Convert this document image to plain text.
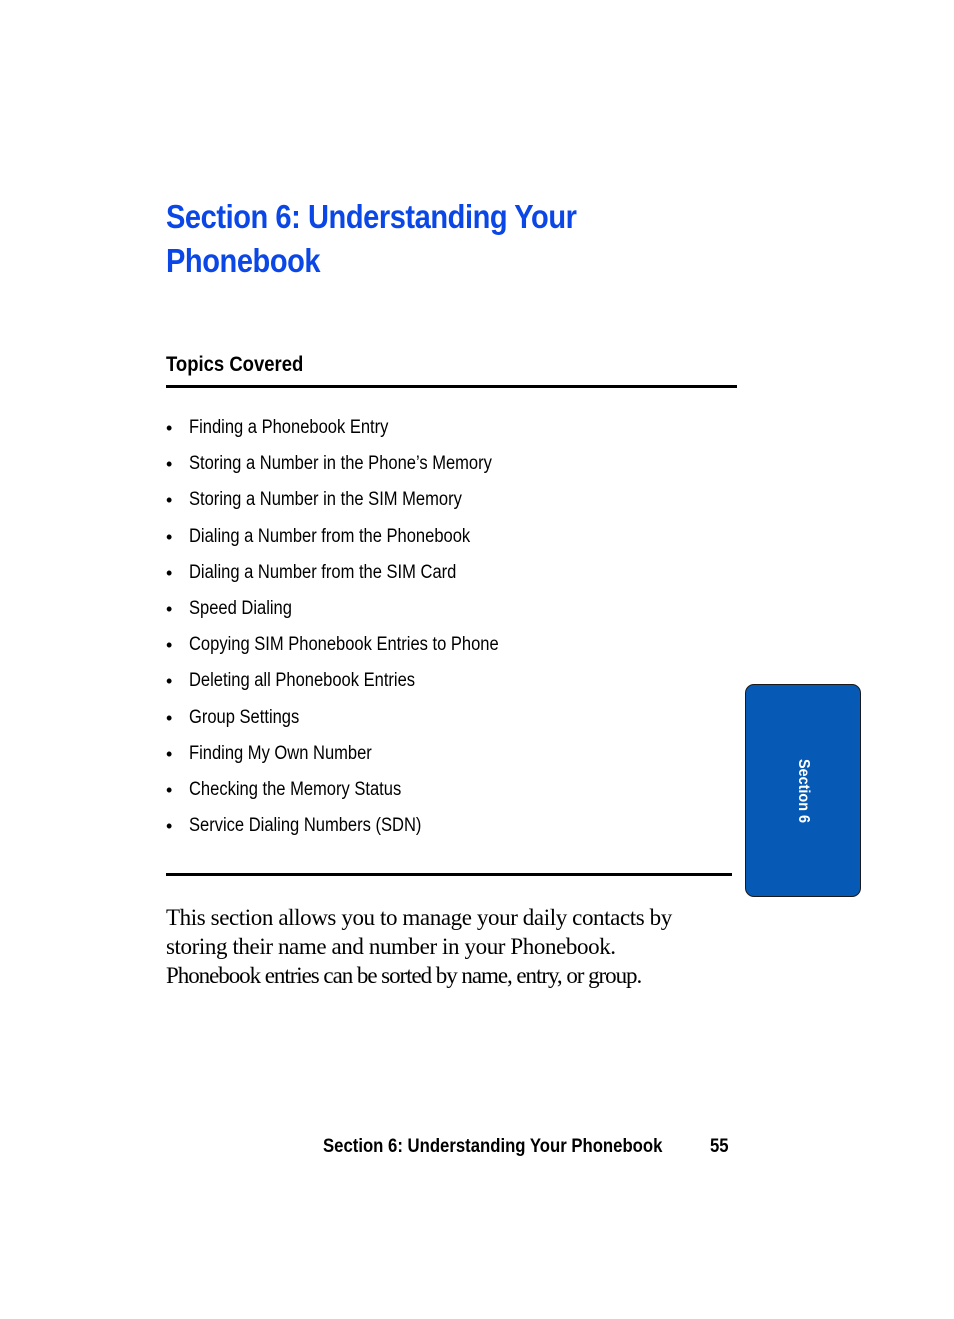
Section 6: Understanding Your
Phonebook
Topics Covered
• Finding a Phonebook Entry
• Storing a Number in the Phone’s Memory
• Storing a Number in the SIM Memory
• Dialing a Number from the Phonebook
• Dialing a Number from the SIM Card
• Speed Dialing
• Copying SIM Phonebook Entries to Phone
• Deleting all Phonebook Entries
• Group Settings
• Finding My Own Number
• Checking the Memory Status
• Service Dialing Numbers (SDN)

This section allows you to manage your daily contacts by
storing their name and number in your Phonebook.
Phonebook entries can be sorted by name, entry, or group.

Section 6
Section 6: Understanding Your Phonebook	55
